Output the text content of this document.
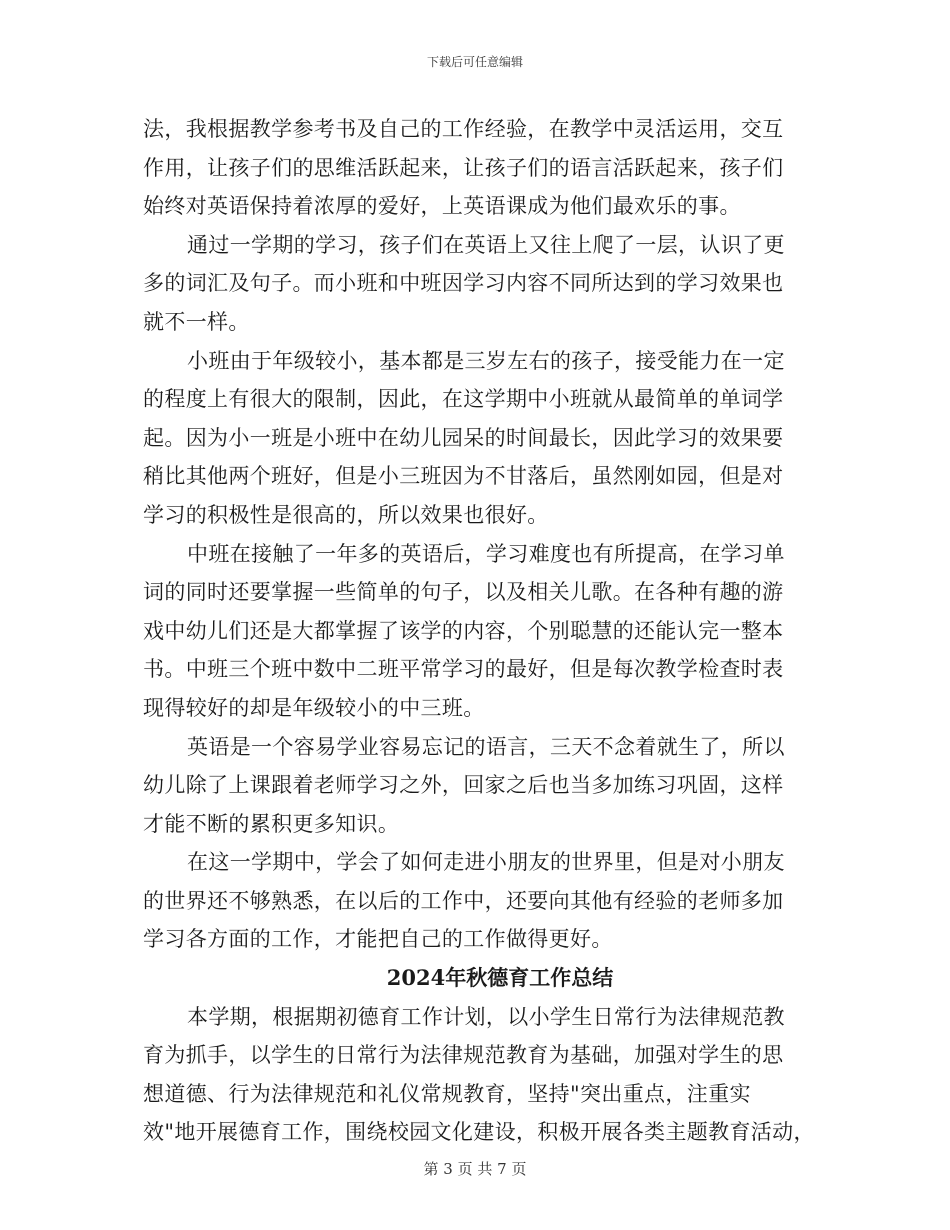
下载后可任意编辑
法，我根据教学参考书及自己的工作经验，在教学中灵活运用，交互
作用，让孩子们的思维活跃起来，让孩子们的语言活跃起来，孩子们
始终对英语保持着浓厚的爱好，上英语课成为他们最欢乐的事。
通过一学期的学习，孩子们在英语上又往上爬了一层，认识了更
多的词汇及句子。而小班和中班因学习内容不同所达到的学习效果也
就不一样。
小班由于年级较小，基本都是三岁左右的孩子，接受能力在一定
的程度上有很大的限制，因此，在这学期中小班就从最简单的单词学
起。因为小一班是小班中在幼儿园呆的时间最长，因此学习的效果要
稍比其他两个班好，但是小三班因为不甘落后，虽然刚如园，但是对
学习的积极性是很高的，所以效果也很好。
中班在接触了一年多的英语后，学习难度也有所提高，在学习单
词的同时还要掌握一些简单的句子，以及相关儿歌。在各种有趣的游
戏中幼儿们还是大都掌握了该学的内容，个别聪慧的还能认完一整本
书。中班三个班中数中二班平常学习的最好，但是每次教学检查时表
现得较好的却是年级较小的中三班。
英语是一个容易学业容易忘记的语言，三天不念着就生了，所以
幼儿除了上课跟着老师学习之外，回家之后也当多加练习巩固，这样
才能不断的累积更多知识。
在这一学期中，学会了如何走进小朋友的世界里，但是对小朋友
的世界还不够熟悉，在以后的工作中，还要向其他有经验的老师多加
学习各方面的工作，才能把自己的工作做得更好。
2024年秋德育工作总结
本学期，根据期初德育工作计划，以小学生日常行为法律规范教
育为抓手，以学生的日常行为法律规范教育为基础，加强对学生的思
想道德、行为法律规范和礼仪常规教育，坚持"突出重点，注重实
效"地开展德育工作，围绕校园文化建设，积极开展各类主题教育活动，
第 3 页 共 7 页
